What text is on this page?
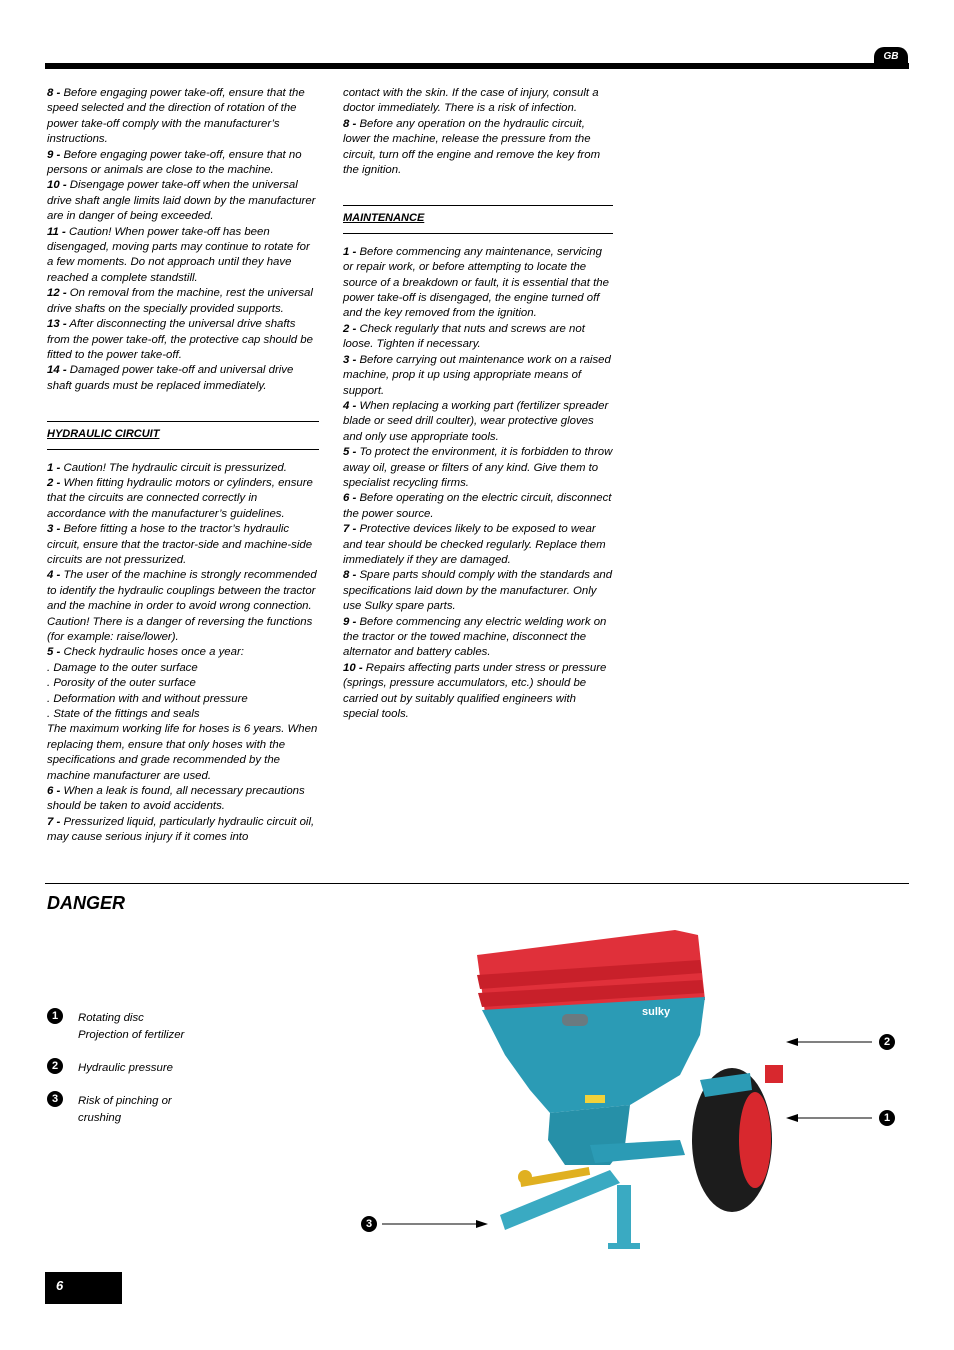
GB

8 - Before engaging power take-off, ensure that the speed selected and the direction of rotation of the power take-off comply with the manufacturer’s instructions.

9 - Before engaging power take-off, ensure that no persons or animals are close to the machine.

10 - Disengage power take-off when the universal drive shaft angle limits laid down by the manufacturer are in danger of being exceeded.

11 - Caution! When power take-off has been disengaged, moving parts may continue to rotate for a few moments. Do not approach until they have reached a complete standstill.

12 - On removal from the machine, rest the universal drive shafts on the specially provided supports.

13 - After disconnecting the universal drive shafts from the power take-off, the protective cap should be fitted to the power take-off.

14 - Damaged power take-off and universal drive shaft guards must be replaced immediately.

HYDRAULIC CIRCUIT

1 - Caution! The hydraulic circuit is pressurized.

2 - When fitting hydraulic motors or cylinders, ensure that the circuits are connected correctly in accordance with the manufacturer’s guidelines.

3 - Before fitting a hose to the tractor’s hydraulic circuit, ensure that the tractor-side and machine-side circuits are not pressurized.

4 - The user of the machine is strongly recommended to identify the hydraulic couplings between the tractor and the machine in order to avoid wrong connection. Caution! There is a danger of reversing the functions (for example: raise/lower).

5 - Check hydraulic hoses once a year:

. Damage to the outer surface

. Porosity of the outer surface

. Deformation with and without pressure

. State of the fittings and seals

The maximum working life for hoses is 6 years. When replacing them, ensure that only hoses with the specifications and grade recommended by the machine manufacturer are used.

6 - When a leak is found, all necessary precautions should be taken to avoid accidents.

7 - Pressurized liquid, particularly hydraulic circuit oil, may cause serious injury if it comes into

contact with the skin. If the case of injury, consult a doctor immediately. There is a risk of infection.

8 - Before any operation on the hydraulic circuit, lower the machine, release the pressure from the circuit, turn off the engine and remove the key from the ignition.

MAINTENANCE

1 - Before commencing any maintenance, servicing or repair work, or before attempting to locate the source of a breakdown or fault, it is essential that the power take-off is disengaged, the engine turned off and the key removed from the ignition.

2 - Check regularly that nuts and screws are not loose. Tighten if necessary.

3 - Before carrying out maintenance work on a raised machine, prop it up using appropriate means of support.

4 - When replacing a working part (fertilizer spreader blade or seed drill coulter), wear protective gloves and only use appropriate tools.

5 - To protect the environment, it is forbidden to throw away oil, grease or filters of any kind. Give them to specialist recycling firms.

6 - Before operating on the electric circuit, disconnect the power source.

7 - Protective devices likely to be exposed to wear and tear should be checked regularly. Replace them immediately if they are damaged.

8 - Spare parts should comply with the standards and specifications laid down by the manufacturer. Only use Sulky spare parts.

9 - Before commencing any electric welding work on the tractor or the towed machine, disconnect the alternator and battery cables.

10 - Repairs affecting parts under stress or pressure (springs, pressure accumulators, etc.) should be carried out by suitably qualified engineers with special tools.

DANGER
1	Rotating disc
Projection of fertilizer
2	Hydraulic pressure
3	Risk of pinching or
crushing
sulky
2
1
3
6
